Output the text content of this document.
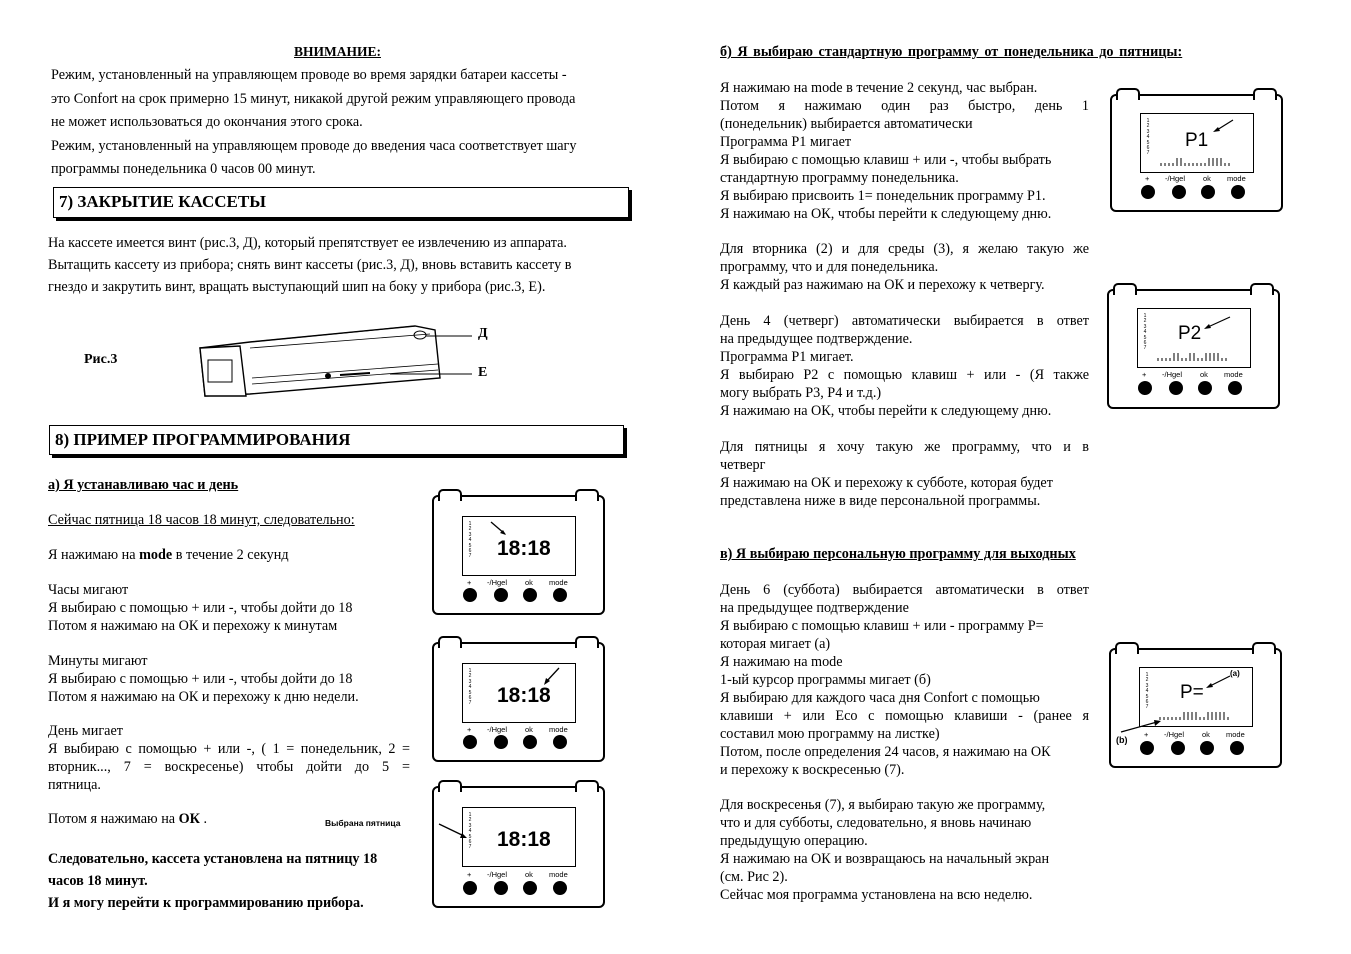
ВНИМАНИЕ:
Режим, установленный на управляющем проводе во время зарядки батареи кассеты -
это Confort на срок примерно 15 минут, никакой другой режим управляющего провода
не может использоваться до окончания этого срока.
Режим, установленный на управляющем проводе до введения часа соответствует шагу
программы понедельника 0 часов 00 минут.
7) ЗАКРЫТИЕ КАССЕТЫ
На кассете имеется винт (рис.3, Д), который препятствует ее извлечению из аппарата.
Вытащить кассету из прибора; снять винт кассеты (рис.3, Д), вновь вставить кассету в
гнездо и закрутить винт, вращать выступающий шип на боку у прибора (рис.3, Е).
Рис.3
Д
Е
8) ПРИМЕР ПРОГРАММИРОВАНИЯ
а) Я устанавливаю час и день
Сейчас пятница 18 часов 18 минут, следовательно:
Я нажимаю на mode в течение 2 секунд
Часы мигают
Я выбираю с помощью + или -, чтобы дойти до 18
Потом я нажимаю на ОК и перехожу к минутам
Минуты мигают
Я выбираю с помощью + или -, чтобы дойти до 18
Потом я нажимаю на ОК и перехожу к дню недели.
День мигает
Я выбираю с помощью + или -, ( 1 = понедельник, 2 =
вторник..., 7 = воскресенье) чтобы дойти до 5 =
пятница.
Потом я нажимаю на ОК .	Выбрана пятница
Следовательно, кассета установлена на пятницу 18
часов 18 минут.
И я могу перейти к программированию прибора.
1
2
3
4
5
6
7 18:18
+ -/Hgel ok mode
1
2
3
4
5
6
7 18:18
+ -/Hgel ok mode
1
2
3
4
5
6
7 18:18
+ -/Hgel ok mode
б) Я выбираю стандартную программу от понедельника до пятницы:
Я нажимаю на mode в течение 2 секунд, час выбран.
Потом я нажимаю один раз быстро, день 1
(понедельник) выбирается автоматически
Программа P1 мигает
Я выбираю с помощью клавиш + или -, чтобы выбрать
стандартную программу понедельника.
Я выбираю присвоить 1= понедельник программу P1.
Я нажимаю на ОК, чтобы перейти к следующему дню.
Для вторника (2) и для среды (3), я желаю такую же
программу, что и для понедельника.
Я каждый раз нажимаю на ОК и перехожу к четвергу.
День 4 (четверг) автоматически выбирается в ответ
на предыдущее подтверждение.
Программа P1 мигает.
Я выбираю P2 с помощью клавиш + или - (Я также
могу выбрать P3, P4 и т.д.)
Я нажимаю на ОК, чтобы перейти к следующему дню.
Для пятницы я хочу такую же программу, что и в
четверг
Я нажимаю на ОК и перехожу к субботе, которая будет
представлена ниже в виде персональной программы.
в) Я выбираю персональную программу для выходных
День 6 (суббота) выбирается автоматически в ответ
на предыдущее подтверждение
Я выбираю с помощью клавиш + или - программу P=
которая мигает (а)
Я нажимаю на mode
1-ый курсор программы мигает (б)
Я выбираю для каждого часа дня Confort с помощью
клавиши + или Eco с помощью клавиши - (ранее я
составил мою программу на листке)
Потом, после определения 24 часов, я нажимаю на ОК
и перехожу к воскресенью (7).
Для воскресенья (7), я выбираю такую же программу,
что и для субботы, следовательно, я вновь начинаю
предыдущую операцию.
Я нажимаю на ОК и возвращаюсь на начальный экран
(см. Рис 2).
Сейчас моя программа установлена на всю неделю.
1
2
3
4
5
6
7
P1
+ -/Hgel ok mode
1
2
3
4
5
6
7
P2
+ -/Hgel ok mode
1
2
3
4
5
6
7
P=
(a)
(b)
+ -/Hgel ok mode
